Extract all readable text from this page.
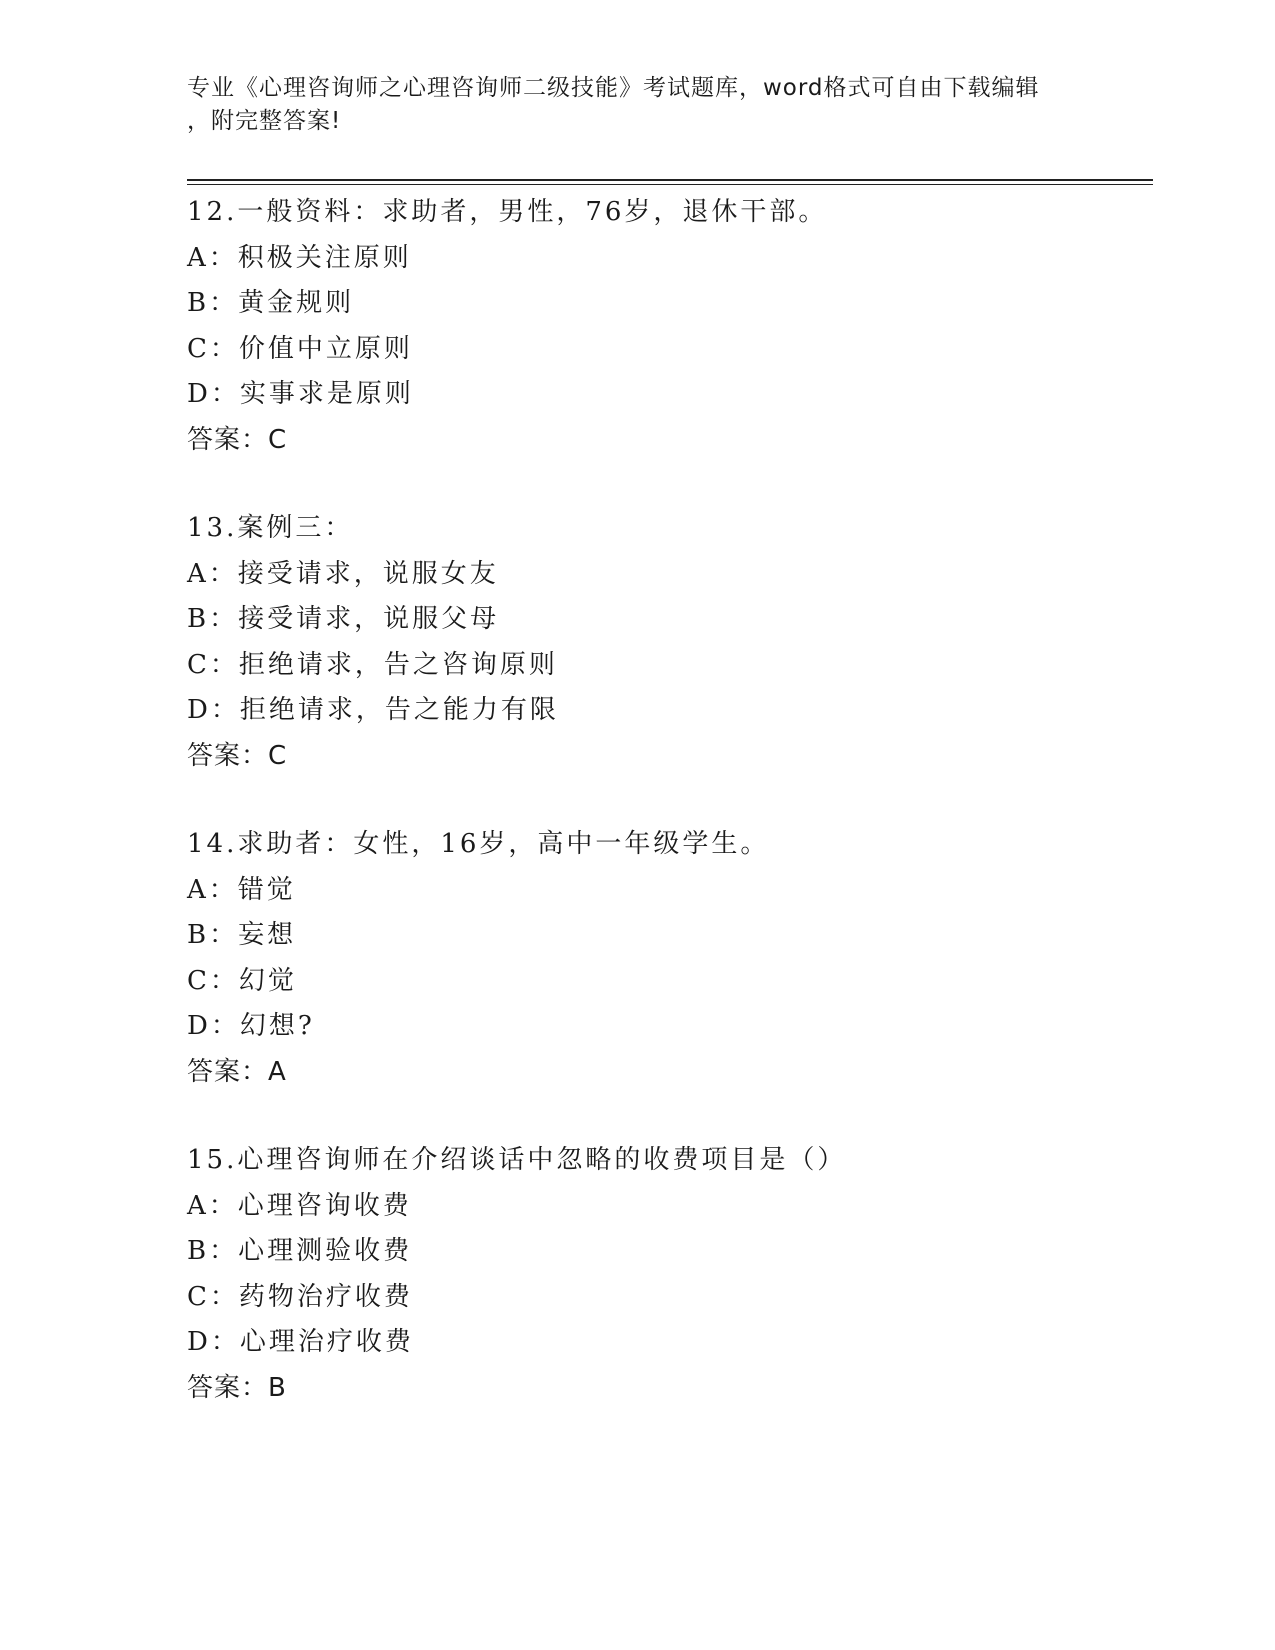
专业《心理咨询师之心理咨询师二级技能》考试题库，word格式可自由下载编辑

，附完整答案!

12.一般资料：求助者，男性，76岁，退休干部。
A：积极关注原则
B：黄金规则
C：价值中立原则
D：实事求是原则
答案：C
13.案例三：
A：接受请求，说服女友
B：接受请求，说服父母
C：拒绝请求，告之咨询原则
D：拒绝请求，告之能力有限
答案：C
14.求助者：女性，16岁，高中一年级学生。
A：错觉
B：妄想
C：幻觉
D：幻想?
答案：A
15.心理咨询师在介绍谈话中忽略的收费项目是（）
A：心理咨询收费
B：心理测验收费
C：药物治疗收费
D：心理治疗收费
答案：B
